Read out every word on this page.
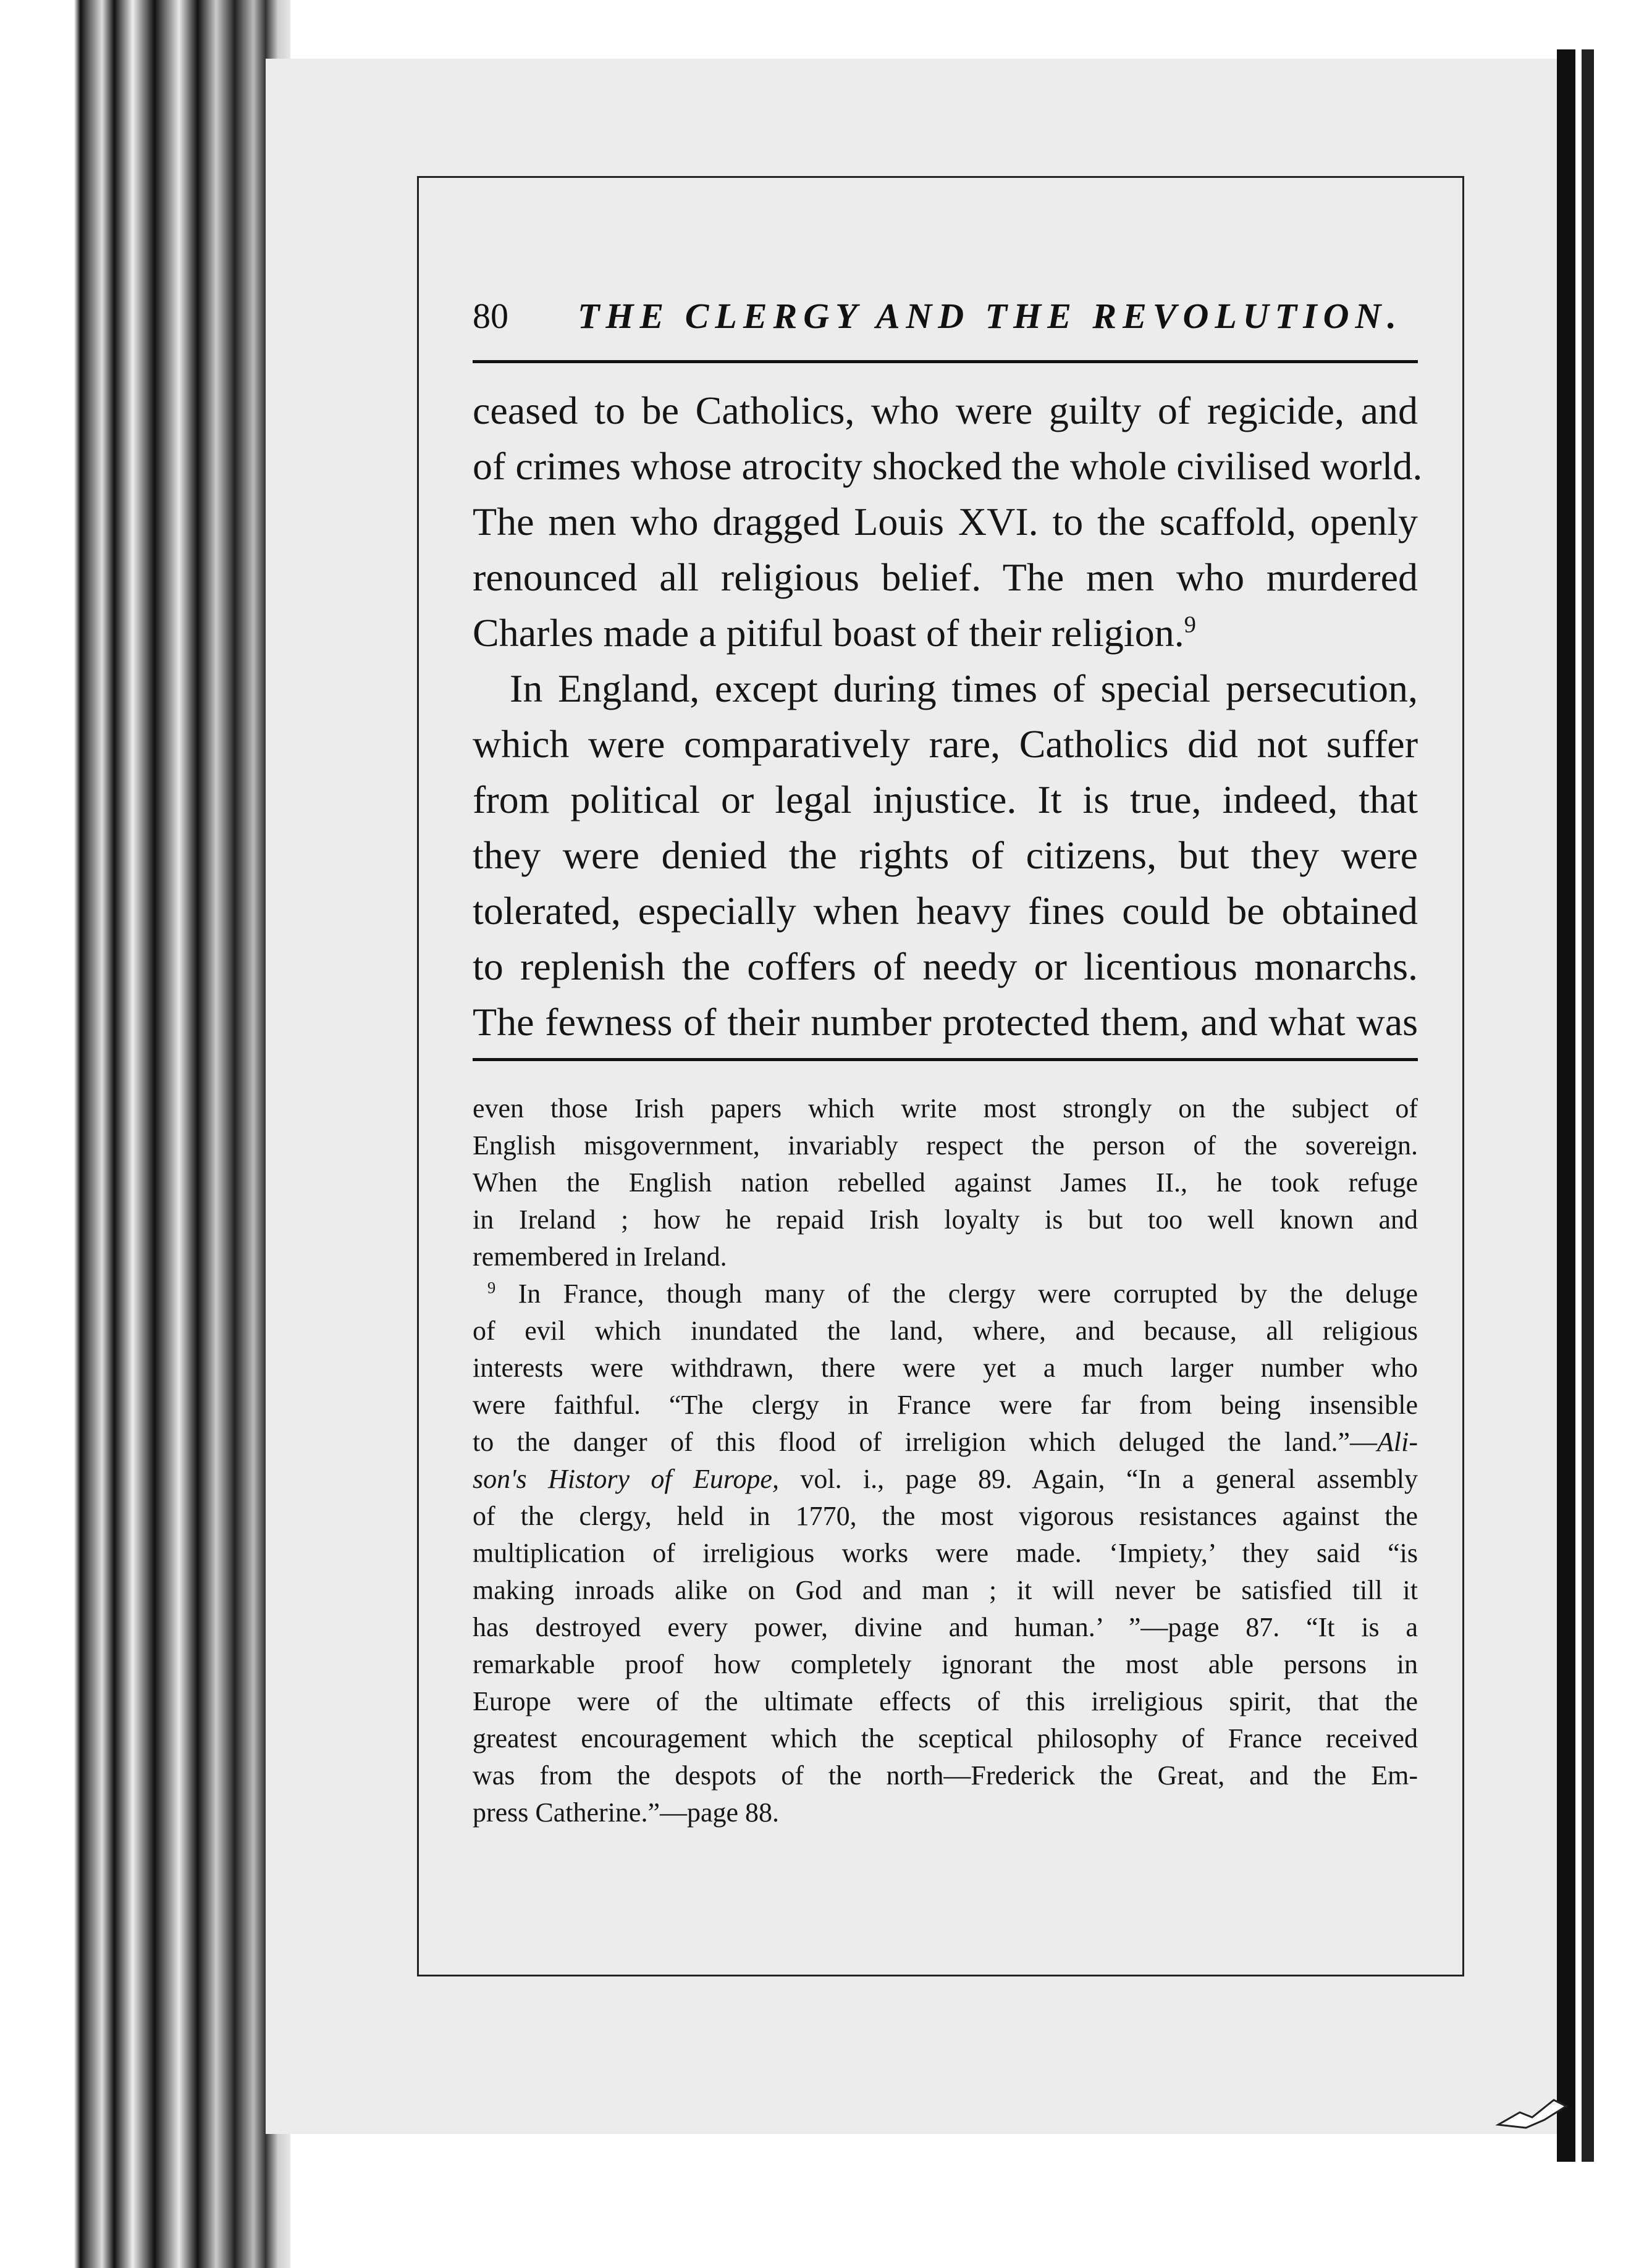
80 THE CLERGY AND THE REVOLUTION.
ceased to be Catholics, who were guilty of regicide, and
of crimes whose atrocity shocked the whole civilised world.
The men who dragged Louis XVI. to the scaffold, openly
renounced all religious belief. The men who murdered
Charles made a pitiful boast of their religion.$^9$
In England, except during times of special persecution,
which were comparatively rare, Catholics did not suffer
from political or legal injustice. It is true, indeed, that
they were denied the rights of citizens, but they were
tolerated, especially when heavy fines could be obtained
to replenish the coffers of needy or licentious monarchs.
The fewness of their number protected them, and what was
even those Irish papers which write most strongly on the subject of
English misgovernment, invariably respect the person of the sovereign.
When the English nation rebelled against James II., he took refuge
in Ireland ; how he repaid Irish loyalty is but too well known and
remembered in Ireland.
$^9$ In France, though many of the clergy were corrupted by the deluge
of evil which inundated the land, where, and because, all religious
interests were withdrawn, there were yet a much larger number who
were faithful. “The clergy in France were far from being insensible
to the danger of this flood of irreligion which deluged the land.”—Ali-
son's History of Europe, vol. i., page 89. Again, “In a general assembly
of the clergy, held in 1770, the most vigorous resistances against the
multiplication of irreligious works were made. ‘Impiety,’ they said “is
making inroads alike on God and man ; it will never be satisfied till it
has destroyed every power, divine and human.’ ”—page 87. “It is a
remarkable proof how completely ignorant the most able persons in
Europe were of the ultimate effects of this irreligious spirit, that the
greatest encouragement which the sceptical philosophy of France received
was from the despots of the north—Frederick the Great, and the Em-
press Catherine.”—page 88.
